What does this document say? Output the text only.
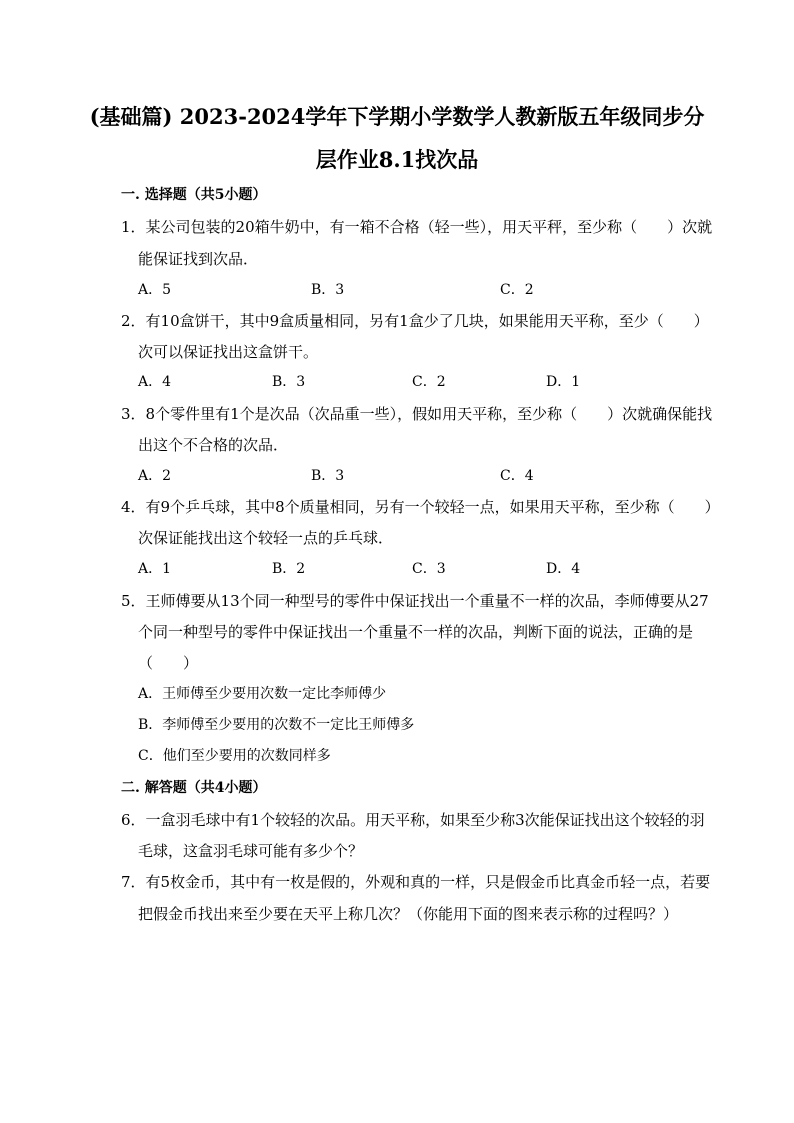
(基础篇) 2023-2024学年下学期小学数学人教新版五年级同步分
层作业8.1找次品
一. 选择题（共5小题）
1．某公司包装的20箱牛奶中，有一箱不合格（轻一些），用天平秤，至少称（　　）次就
能保证找到次品．
A．5	B．3	C．2
2．有10盒饼干，其中9盒质量相同，另有1盒少了几块，如果能用天平称，至少（　　）
次可以保证找出这盒饼干。
A．4	B．3	C．2	D．1
3．8个零件里有1个是次品（次品重一些），假如用天平称，至少称（　　）次就确保能找
出这个不合格的次品．
A．2	B．3	C．4
4．有9个乒乓球，其中8个质量相同，另有一个较轻一点，如果用天平称，至少称（　　）
次保证能找出这个较轻一点的乒乓球．
A．1	B．2	C．3	D．4
5．王师傅要从13个同一种型号的零件中保证找出一个重量不一样的次品，李师傅要从27
个同一种型号的零件中保证找出一个重量不一样的次品，判断下面的说法，正确的是
（　　）
A．王师傅至少要用次数一定比李师傅少
B．李师傅至少要用的次数不一定比王师傅多
C．他们至少要用的次数同样多
二. 解答题（共4小题）
6．一盒羽毛球中有1个较轻的次品。用天平称，如果至少称3次能保证找出这个较轻的羽
毛球，这盒羽毛球可能有多少个？
7．有5枚金币，其中有一枚是假的，外观和真的一样，只是假金币比真金币轻一点，若要
把假金币找出来至少要在天平上称几次？（你能用下面的图来表示称的过程吗？）
